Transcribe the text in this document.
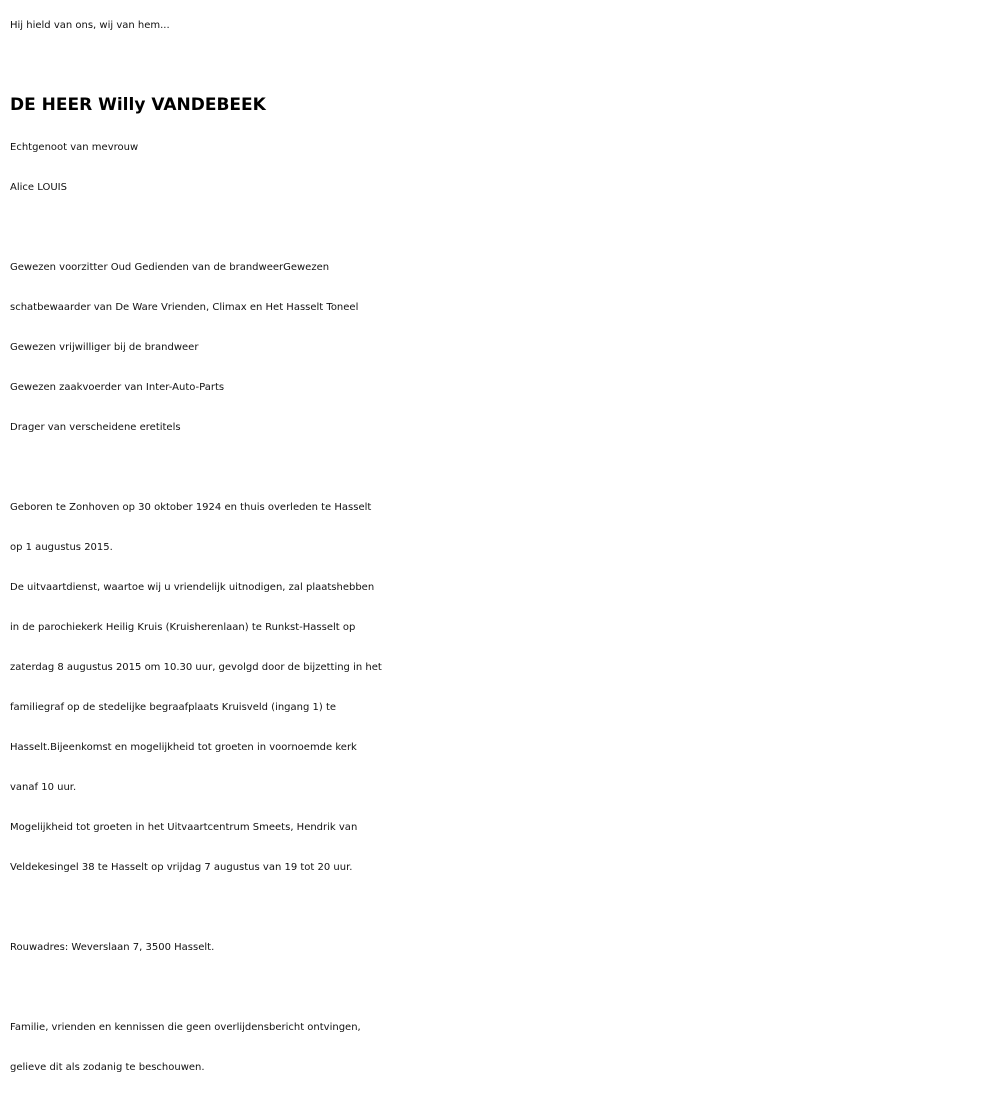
Hij hield van ons, wij van hem...
DE HEER Willy VANDEBEEK
Echtgenoot van mevrouw
Alice LOUIS
Gewezen voorzitter Oud Gedienden van de brandweerGewezen
schatbewaarder van De Ware Vrienden, Climax en Het Hasselt Toneel
Gewezen vrijwilliger bij de brandweer
Gewezen zaakvoerder van Inter-Auto-Parts
Drager van verscheidene eretitels
Geboren te Zonhoven op 30 oktober 1924 en thuis overleden te Hasselt
op 1 augustus 2015.
De uitvaartdienst, waartoe wij u vriendelijk uitnodigen, zal plaatshebben
in de parochiekerk Heilig Kruis (Kruisherenlaan) te Runkst-Hasselt op
zaterdag 8 augustus 2015 om 10.30 uur, gevolgd door de bijzetting in het
familiegraf op de stedelijke begraafplaats Kruisveld (ingang 1) te
Hasselt.Bijeenkomst en mogelijkheid tot groeten in voornoemde kerk
vanaf 10 uur.
Mogelijkheid tot groeten in het Uitvaartcentrum Smeets, Hendrik van
Veldekesingel 38 te Hasselt op vrijdag 7 augustus van 19 tot 20 uur.
Rouwadres: Weverslaan 7, 3500 Hasselt.
Familie, vrienden en kennissen die geen overlijdensbericht ontvingen,
gelieve dit als zodanig te beschouwen.
